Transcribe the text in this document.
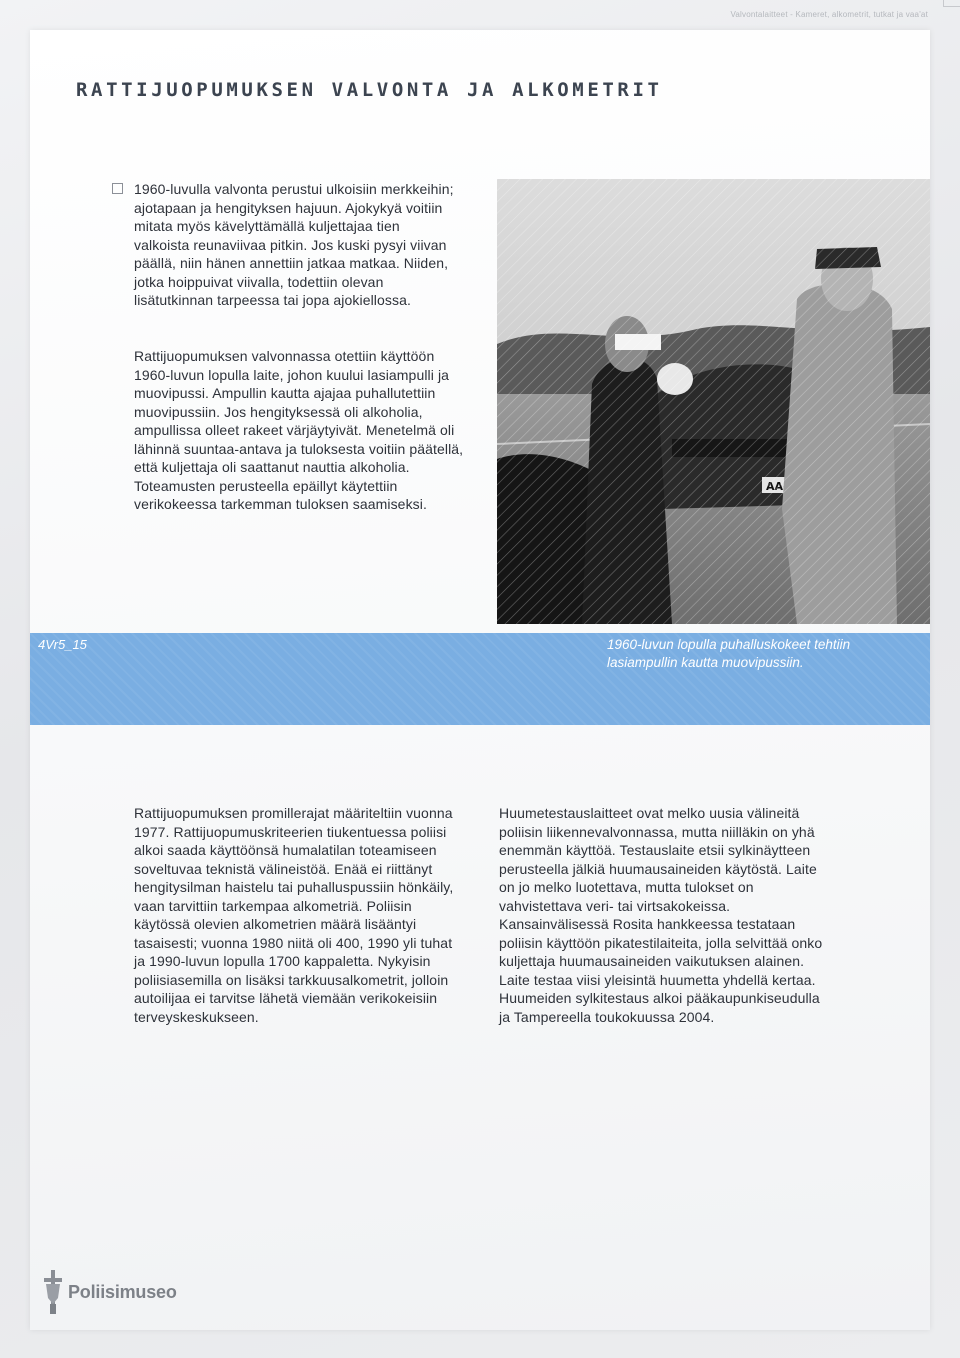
Valvontalaitteet - Kameret, alkometrit, tutkat ja vaa'at
RATTIJUOPUMUKSEN VALVONTA JA ALKOMETRIT

1960-luvulla valvonta perustui ulkoisiin merkkeihin; ajotapaan ja hengityksen hajuun. Ajokykyä voitiin mitata myös kävelyttämällä kuljettajaa tien valkoista reunaviivaa pitkin. Jos kuski pysyi viivan päällä, niin hänen annettiin jatkaa matkaa. Niiden, jotka hoippuivat viivalla, todettiin olevan lisätutkinnan tarpeessa tai jopa ajokiellossa.

Rattijuopumuksen valvonnassa otettiin käyttöön 1960-luvun lopulla laite, johon kuului lasiampulli ja muovipussi. Ampullin kautta ajajaa puhallutettiin muovipussiin. Jos hengityksessä oli alkoholia, ampullissa olleet rakeet värjäytyivät. Menetelmä oli lähinnä suuntaa-antava ja tuloksesta voitiin päätellä, että kuljettaja oli saattanut nauttia alkoholia. Toteamusten perusteella epäillyt käytettiin verikokeessa tarkemman tuloksen saamiseksi.

4Vr5_15	1960-luvun lopulla puhalluskokeet tehtiin lasiampullin kautta muovipussiin.

Rattijuopumuksen promillerajat määriteltiin vuonna 1977. Rattijuopumuskriteerien tiukentuessa poliisi alkoi saada käyttöönsä humalatilan toteamiseen soveltuvaa teknistä välineistöä. Enää ei riittänyt hengitysilman haistelu tai puhalluspussiin hönkäily, vaan tarvittiin tarkempaa alkometriä. Poliisin käytössä olevien alkometrien määrä lisääntyi tasaisesti; vuonna 1980 niitä oli 400, 1990 yli tuhat ja 1990-luvun lopulla 1700 kappaletta. Nykyisin poliisiasemilla on lisäksi tarkkuusalkometrit, jolloin autoilijaa ei tarvitse lähetä viemään verikokeisiin terveyskeskukseen.

Huumetestauslaitteet ovat melko uusia välineitä poliisin liikennevalvonnassa, mutta niilläkin on yhä enemmän käyttöä. Testauslaite etsii sylkinäytteen perusteella jälkiä huumausaineiden käytöstä. Laite on jo melko luotettava, mutta tulokset on vahvistettava veri- tai virtsakokeissa. Kansainvälisessä Rosita hankkeessa testataan poliisin käyttöön pikatestilaiteita, jolla selvittää onko kuljettaja huumausaineiden vaikutuksen alainen. Laite testaa viisi yleisintä huumetta yhdellä kertaa. Huumeiden sylkitestaus alkoi pääkaupunkiseudulla ja Tampereella toukokuussa 2004.

Poliisimuseo
